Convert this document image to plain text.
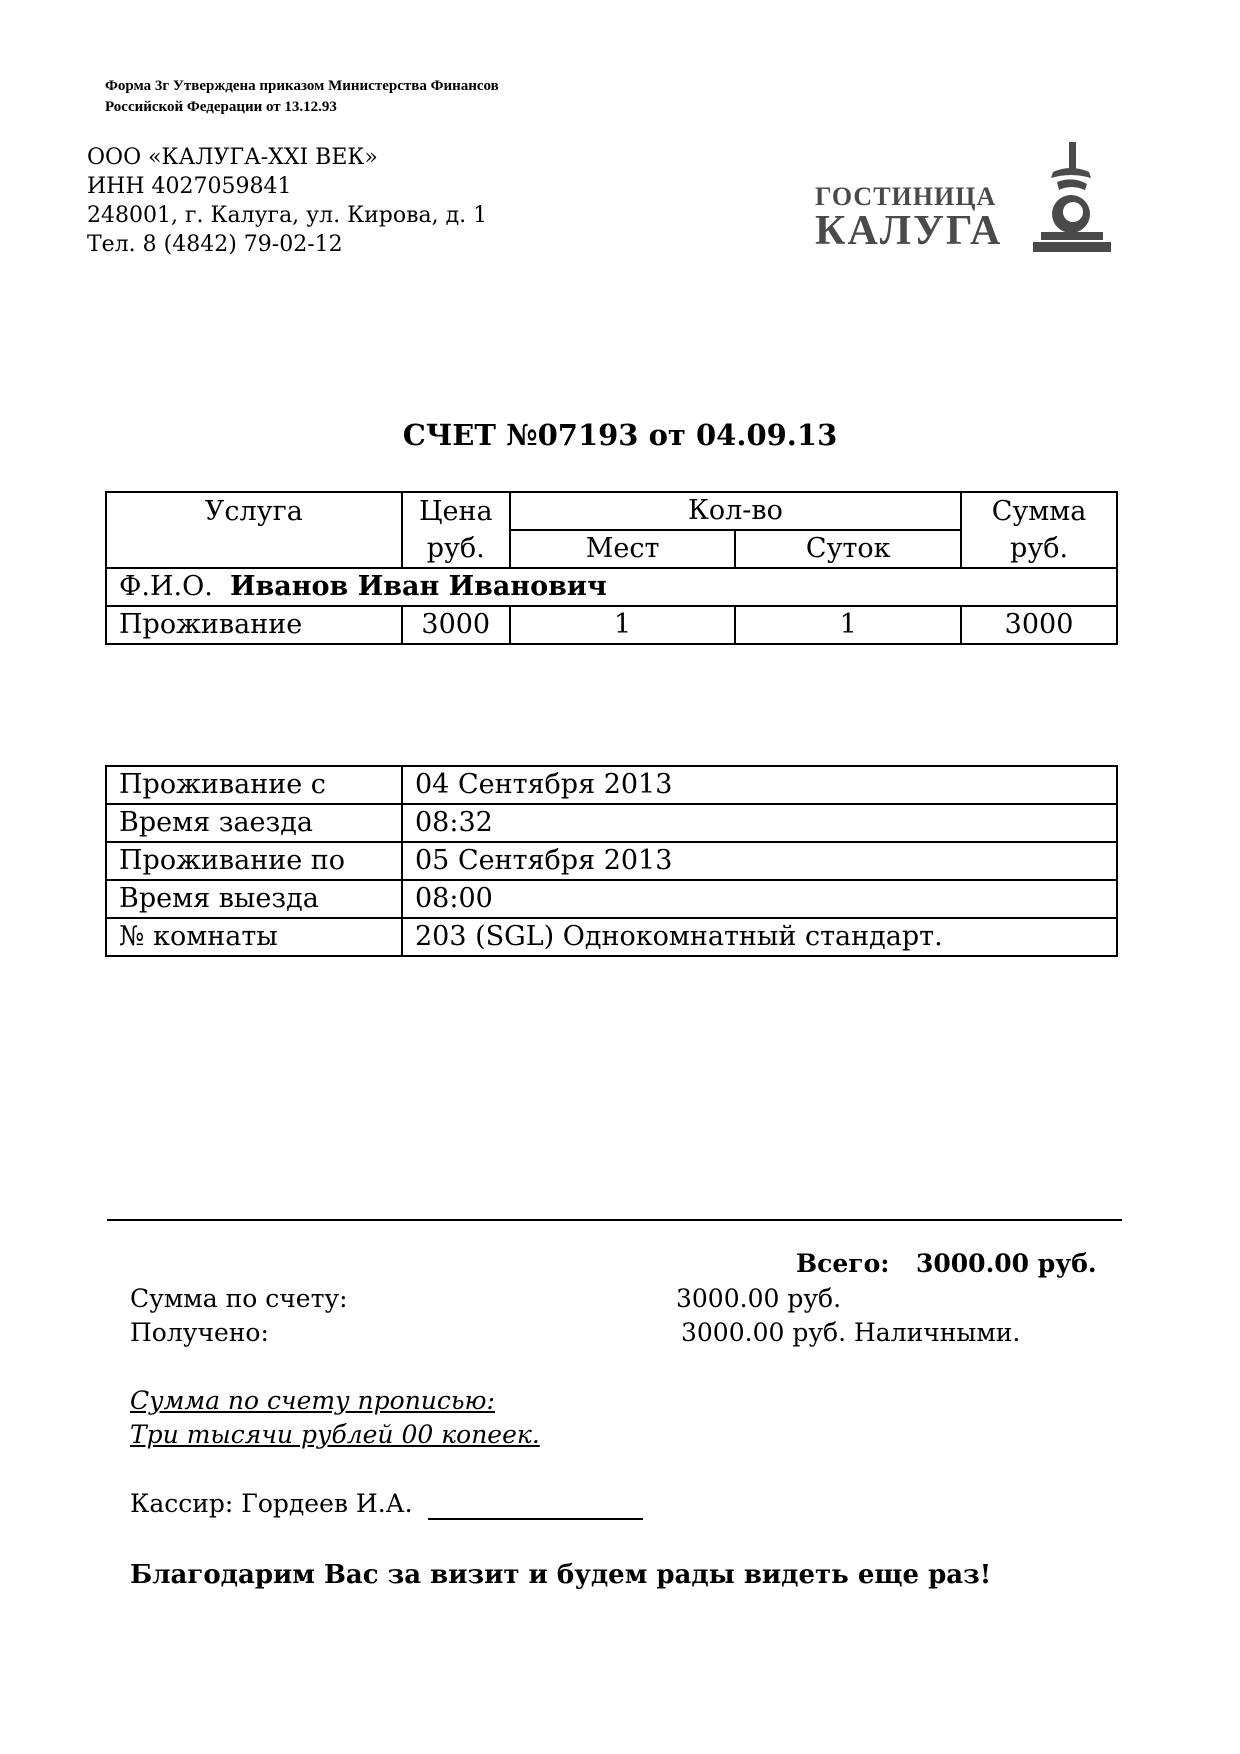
Форма 3г Утверждена приказом Министерства Финансов
Российской Федерации от 13.12.93
ООО «КАЛУГА-XXI ВЕК»
ИНН 4027059841
248001, г. Калуга, ул. Кирова, д. 1
Тел. 8 (4842) 79-02-12
ГОСТИНИЦА
КАЛУГА
СЧЕТ №07193 от 04.09.13
Услуга	Цена	Кол-во		Сумма
	руб.	Мест	Суток	руб.
Ф.И.О. Иванов Иван Иванович				
Проживание	3000	1	1	3000
Проживание с	04 Сентября 2013
Время заезда	08:32
Проживание по	05 Сентября 2013
Время выезда	08:00
№ комнаты	203 (SGL) Однокомнатный стандарт.
Всего: 3000.00 руб.
Сумма по счету:	3000.00 руб.
Получено:	3000.00 руб. Наличными.
Сумма по счету прописью:
Три тысячи рублей 00 копеек.
Кассир: Гордеев И.А.
Благодарим Вас за визит и будем рады видеть еще раз!
